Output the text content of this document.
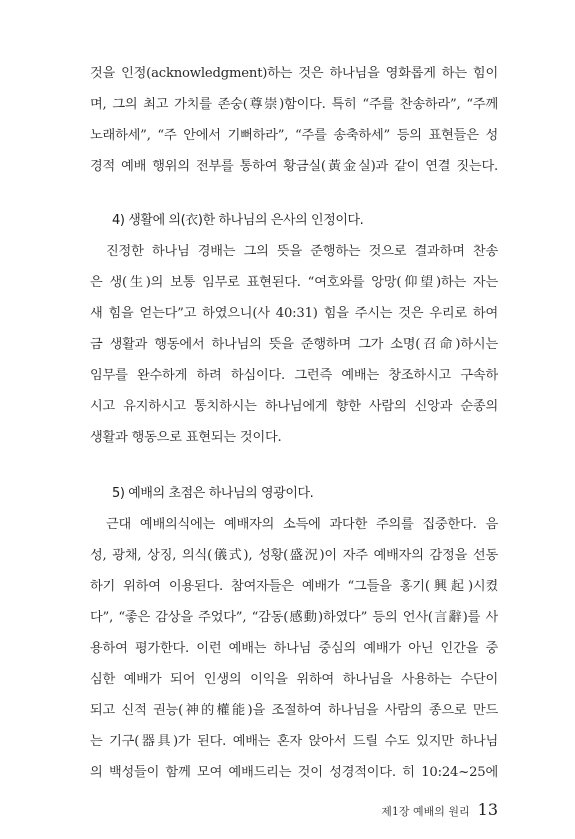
것을 인정(acknowledgment)하는 것은 하나님을 영화롭게 하는 힘이
며, 그의 최고 가치를 존숭(尊崇)함이다. 특히 “주를 찬송하라”, “주께
노래하세”, “주 안에서 기뻐하라”, “주를 송축하세” 등의 표현들은 성
경적 예배 행위의 전부를 통하여 황금실(黃金실)과 같이 연결 짓는다.
4) 생활에 의(衣)한 하나님의 은사의 인정이다.
진정한 하나님 경배는 그의 뜻을 준행하는 것으로 결과하며 찬송
은 생(生)의 보통 임무로 표현된다. “여호와를 앙망(仰望)하는 자는
새 힘을 얻는다”고 하였으니(사 40:31) 힘을 주시는 것은 우리로 하여
금 생활과 행동에서 하나님의 뜻을 준행하며 그가 소명(召命)하시는
임무를 완수하게 하려 하심이다. 그런즉 예배는 창조하시고 구속하
시고 유지하시고 통치하시는 하나님에게 향한 사람의 신앙과 순종의
생활과 행동으로 표현되는 것이다.
5) 예배의 초점은 하나님의 영광이다.
근대 예배의식에는 예배자의 소득에 과다한 주의를 집중한다. 음
성, 광채, 상징, 의식(儀式), 성황(盛況)이 자주 예배자의 감정을 선동
하기 위하여 이용된다. 참여자들은 예배가 “그들을 홍기(興起)시켰
다”, “좋은 감상을 주었다”, “감동(感動)하였다” 등의 언사(言辭)를 사
용하여 평가한다. 이런 예배는 하나님 중심의 예배가 아닌 인간을 중
심한 예배가 되어 인생의 이익을 위하여 하나님을 사용하는 수단이
되고 신적 권능(神的權能)을 조절하여 하나님을 사람의 종으로 만드
는 기구(器具)가 된다. 예배는 혼자 앉아서 드릴 수도 있지만 하나님
의 백성들이 함께 모여 예배드리는 것이 성경적이다. 히 10:24~25에
제1장 예배의 원리 13
